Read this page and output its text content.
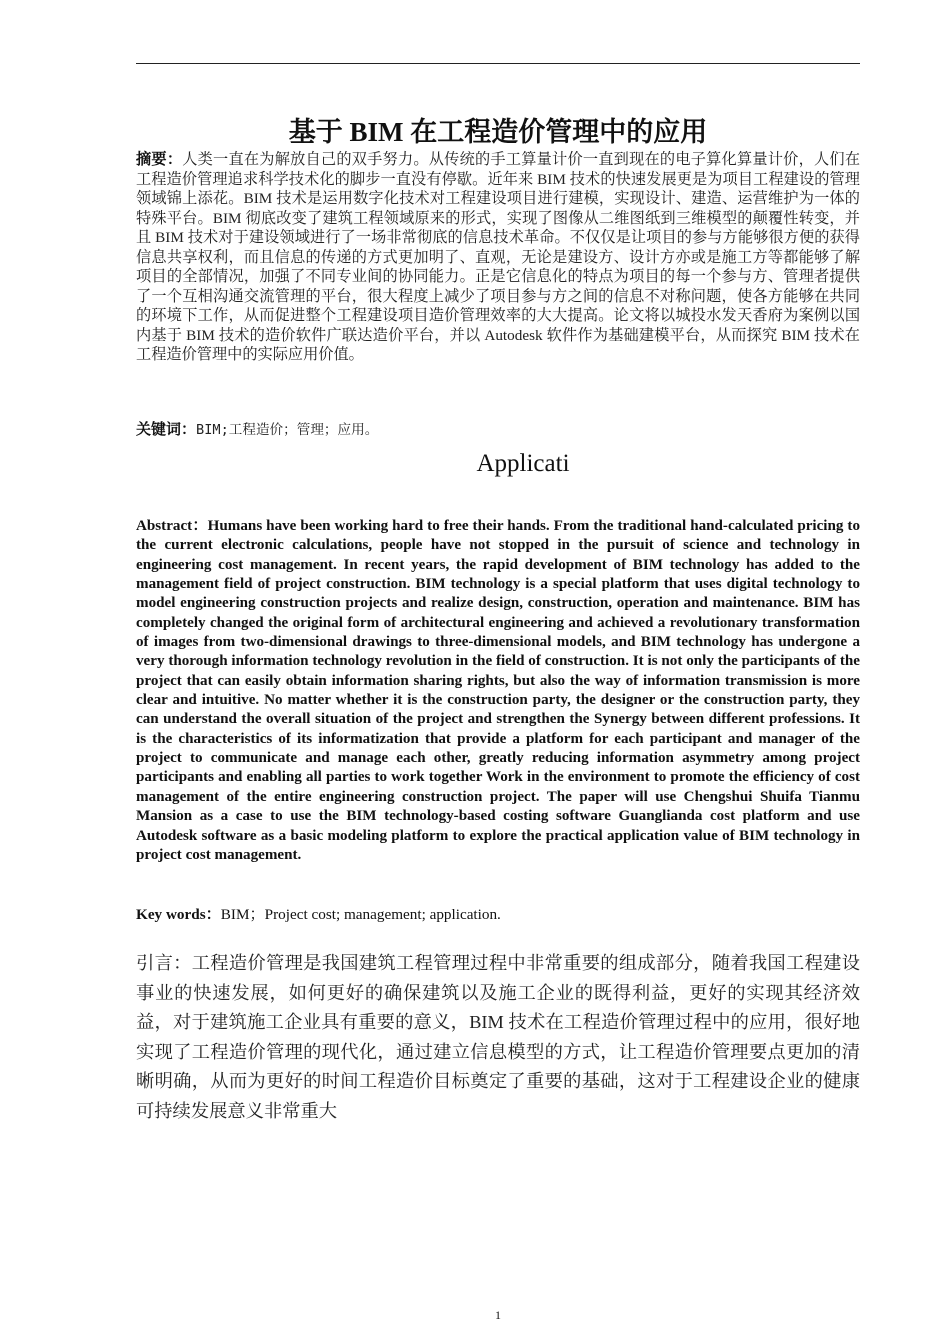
基于 BIM 在工程造价管理中的应用
摘要：人类一直在为解放自己的双手努力。从传统的手工算量计价一直到现在的电子算化算量计价，人们在工程造价管理追求科学技术化的脚步一直没有停歇。近年来 BIM 技术的快速发展更是为项目工程建设的管理领域锦上添花。BIM 技术是运用数字化技术对工程建设项目进行建模，实现设计、建造、运营维护为一体的特殊平台。BIM 彻底改变了建筑工程领域原来的形式，实现了图像从二维图纸到三维模型的颠覆性转变，并且 BIM 技术对于建设领域进行了一场非常彻底的信息技术革命。不仅仅是让项目的参与方能够很方便的获得信息共享权利，而且信息的传递的方式更加明了、直观，无论是建设方、设计方亦或是施工方等都能够了解项目的全部情况，加强了不同专业间的协同能力。正是它信息化的特点为项目的每一个参与方、管理者提供了一个互相沟通交流管理的平台，很大程度上减少了项目参与方之间的信息不对称问题，使各方能够在共同的环境下工作，从而促进整个工程建设项目造价管理效率的大大提高。论文将以城投水发天香府为案例以国内基于 BIM 技术的造价软件广联达造价平台，并以 Autodesk 软件作为基础建模平台，从而探究 BIM 技术在工程造价管理中的实际应用价值。
关键词：BIM;工程造价；管理；应用。
Applicati
Abstract：Humans have been working hard to free their hands. From the traditional hand-calculated pricing to the current electronic calculations, people have not stopped in the pursuit of science and technology in engineering cost management. In recent years, the rapid development of BIM technology has added to the management field of project construction. BIM technology is a special platform that uses digital technology to model engineering construction projects and realize design, construction, operation and maintenance. BIM has completely changed the original form of architectural engineering and achieved a revolutionary transformation of images from two-dimensional drawings to three-dimensional models, and BIM technology has undergone a very thorough information technology revolution in the field of construction. It is not only the participants of the project that can easily obtain information sharing rights, but also the way of information transmission is more clear and intuitive. No matter whether it is the construction party, the designer or the construction party, they can understand the overall situation of the project and strengthen the Synergy between different professions. It is the characteristics of its informatization that provide a platform for each participant and manager of the project to communicate and manage each other, greatly reducing information asymmetry among project participants and enabling all parties to work together Work in the environment to promote the efficiency of cost management of the entire engineering construction project. The paper will use Chengshui Shuifa Tianmu Mansion as a case to use the BIM technology-based costing software Guanglianda cost platform and use Autodesk software as a basic modeling platform to explore the practical application value of BIM technology in project cost management.
Key words：BIM；Project cost; management; application.
引言：工程造价管理是我国建筑工程管理过程中非常重要的组成部分，随着我国工程建设事业的快速发展，如何更好的确保建筑以及施工企业的既得利益，更好的实现其经济效益，对于建筑施工企业具有重要的意义，BIM 技术在工程造价管理过程中的应用，很好地实现了工程造价管理的现代化，通过建立信息模型的方式，让工程造价管理要点更加的清晰明确，从而为更好的时间工程造价目标奠定了重要的基础，这对于工程建设企业的健康可持续发展意义非常重大
1
